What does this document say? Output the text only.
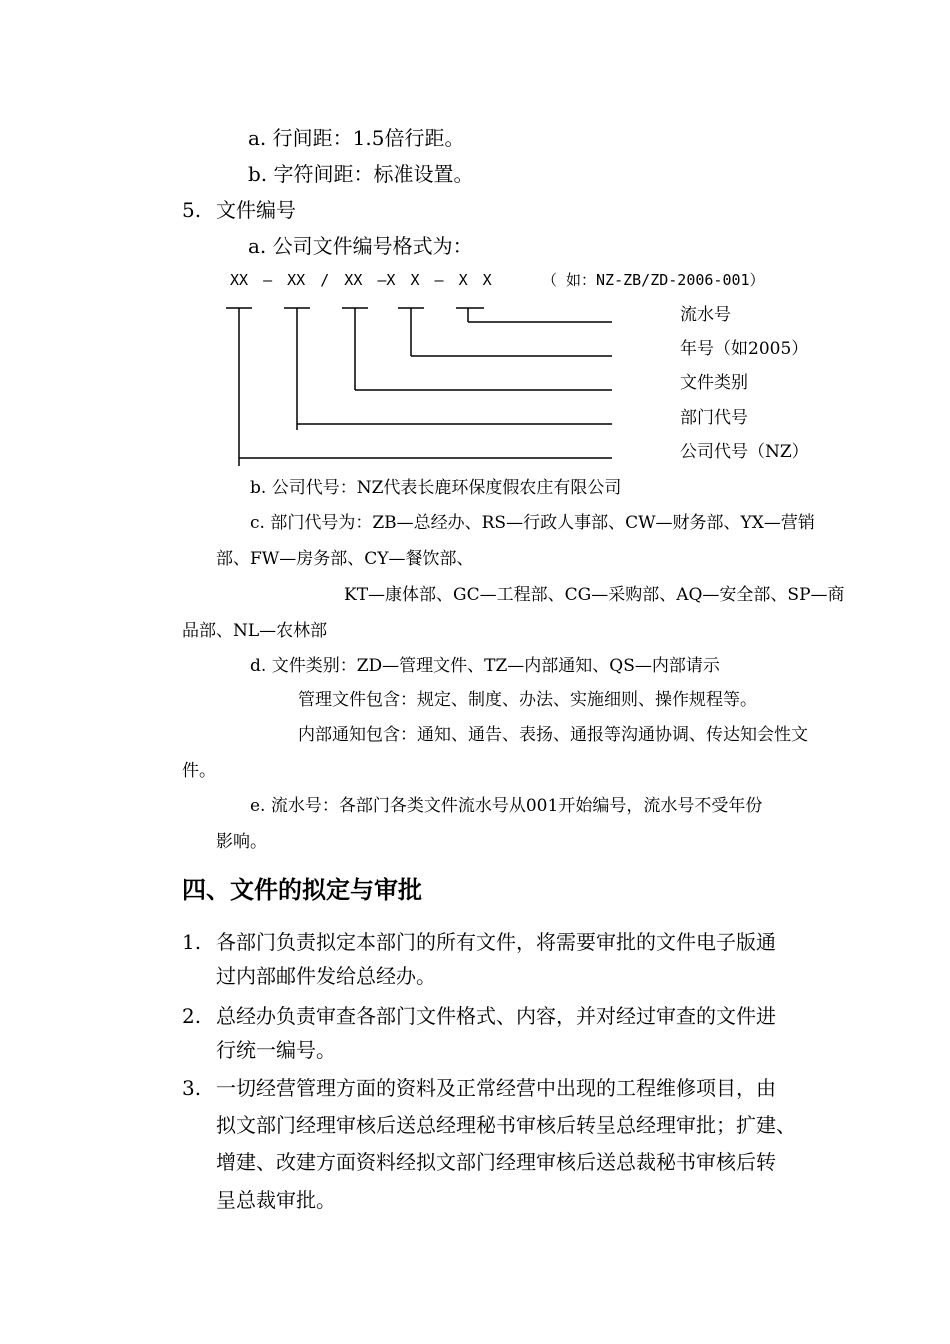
a. 行间距：1.5倍行距。
b. 字符间距：标准设置。
5. 文件编号
a. 公司文件编号格式为：
XX — XX / XX —X X — X X	（ 如：NZ-ZB/ZD-2006-001）
流水号
年号（如2005）
文件类别
部门代号
公司代号（NZ）
b. 公司代号：NZ代表长鹿环保度假农庄有限公司
c. 部门代号为：ZB—总经办、RS—行政人事部、CW—财务部、YX—营销
部、FW—房务部、CY—餐饮部、
KT—康体部、GC—工程部、CG—采购部、AQ—安全部、SP—商
品部、NL—农林部
d. 文件类别：ZD—管理文件、TZ—内部通知、QS—内部请示
管理文件包含：规定、制度、办法、实施细则、操作规程等。
内部通知包含：通知、通告、表扬、通报等沟通协调、传达知会性文
件。
e. 流水号：各部门各类文件流水号从001开始编号，流水号不受年份
影响。
四、文件的拟定与审批
1. 各部门负责拟定本部门的所有文件，将需要审批的文件电子版通
过内部邮件发给总经办。
2. 总经办负责审查各部门文件格式、内容，并对经过审查的文件进
行统一编号。
3. 一切经营管理方面的资料及正常经营中出现的工程维修项目，由
拟文部门经理审核后送总经理秘书审核后转呈总经理审批；扩建、
增建、改建方面资料经拟文部门经理审核后送总裁秘书审核后转
呈总裁审批。
